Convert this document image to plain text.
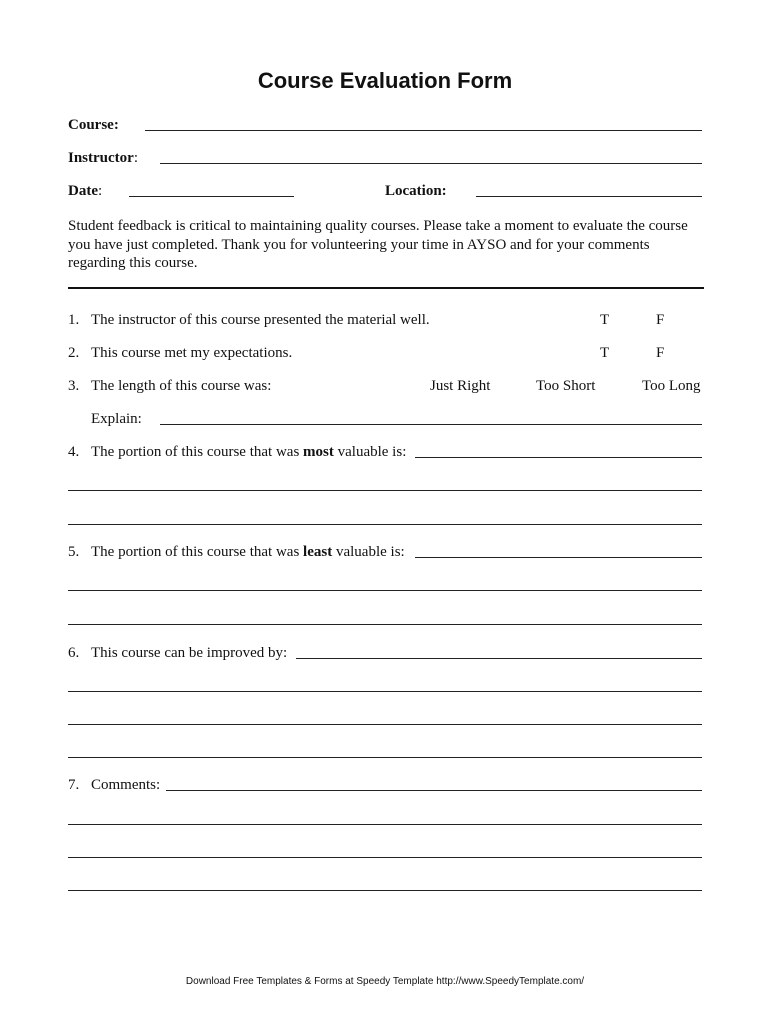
Course Evaluation Form
Course:
Instructor:
Date:	Location:
Student feedback is critical to maintaining quality courses. Please take a moment to evaluate the course you have just completed. Thank you for volunteering your time in AYSO and for your comments regarding this course.
1. The instructor of this course presented the material well.	T	F
2. This course met my expectations.	T	F
3. The length of this course was:	Just Right	Too Short	Too Long
Explain:
4. The portion of this course that was most valuable is:
5. The portion of this course that was least valuable is:
6. This course can be improved by:
7. Comments:
Download Free Templates & Forms at Speedy Template http://www.SpeedyTemplate.com/
